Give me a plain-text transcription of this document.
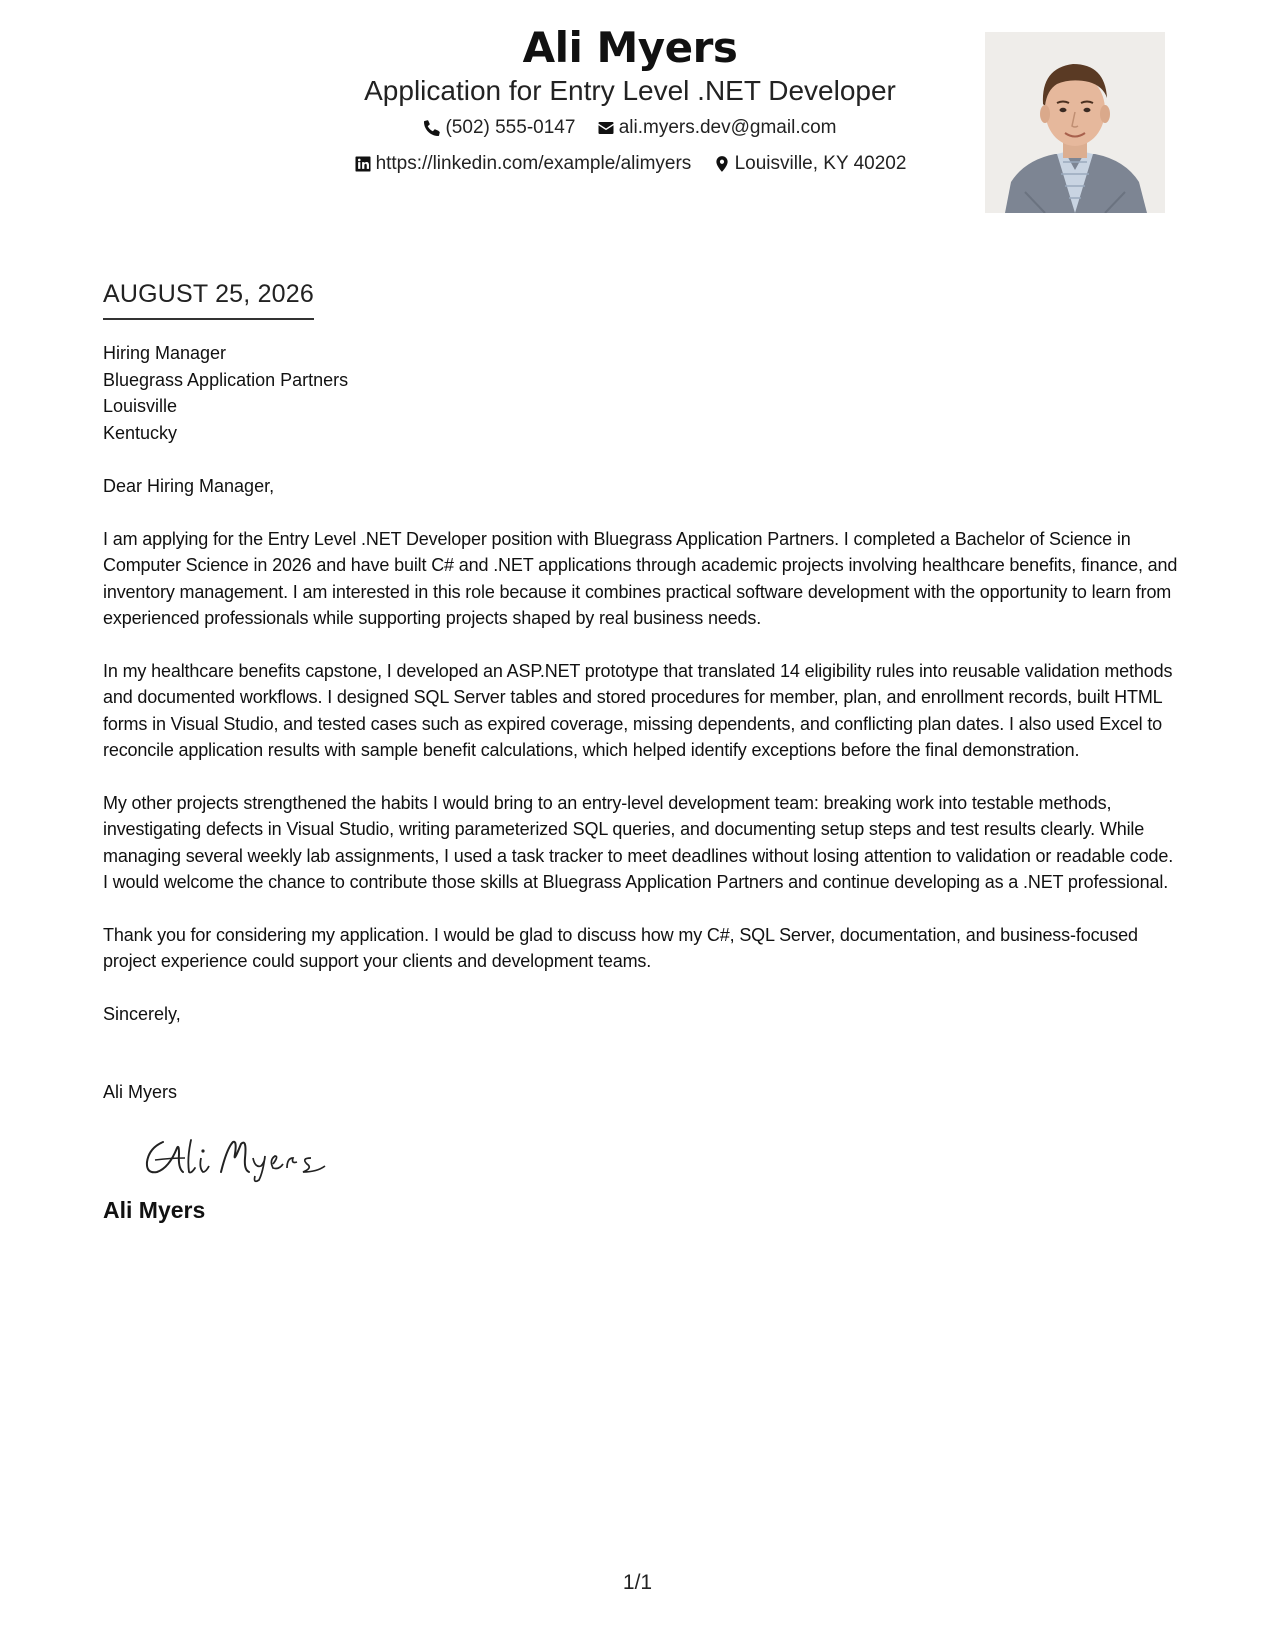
Ali Myers
Application for Entry Level .NET Developer
(502) 555-0147
ali.myers.dev@gmail.com
https://linkedin.com/example/alimyers
Louisville, KY 40202
AUGUST 25, 2026
Hiring Manager
Bluegrass Application Partners
Louisville
Kentucky
Dear Hiring Manager,
I am applying for the Entry Level .NET Developer position with Bluegrass Application Partners. I completed a Bachelor of Science in Computer Science in 2026 and have built C# and .NET applications through academic projects involving healthcare benefits, finance, and inventory management. I am interested in this role because it combines practical software development with the opportunity to learn from experienced professionals while supporting projects shaped by real business needs.
In my healthcare benefits capstone, I developed an ASP.NET prototype that translated 14 eligibility rules into reusable validation methods and documented workflows. I designed SQL Server tables and stored procedures for member, plan, and enrollment records, built HTML forms in Visual Studio, and tested cases such as expired coverage, missing dependents, and conflicting plan dates. I also used Excel to reconcile application results with sample benefit calculations, which helped identify exceptions before the final demonstration.
My other projects strengthened the habits I would bring to an entry-level development team: breaking work into testable methods, investigating defects in Visual Studio, writing parameterized SQL queries, and documenting setup steps and test results clearly. While managing several weekly lab assignments, I used a task tracker to meet deadlines without losing attention to validation or readable code. I would welcome the chance to contribute those skills at Bluegrass Application Partners and continue developing as a .NET professional.
Thank you for considering my application. I would be glad to discuss how my C#, SQL Server, documentation, and business-focused project experience could support your clients and development teams.
Sincerely,
Ali Myers
Ali Myers
1/1
